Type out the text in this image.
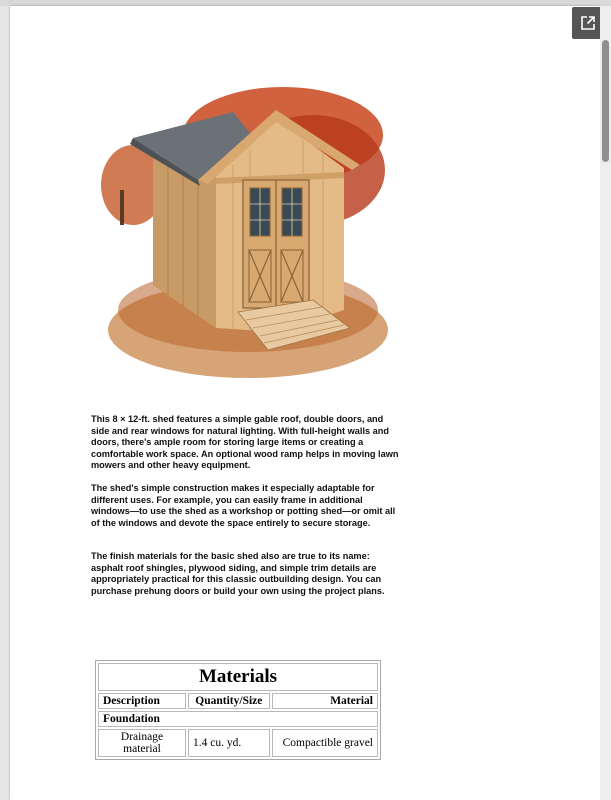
This 8 × 12-ft. shed features a simple gable roof, double doors, and side and rear windows for natural lighting. With full-height walls and doors, there's ample room for storing large items or creating a comfortable work space. An optional wood ramp helps in moving lawn mowers and other heavy equipment.

The shed's simple construction makes it especially adaptable for different uses. For example, you can easily frame in additional windows—to use the shed as a workshop or potting shed—or omit all of the windows and devote the space entirely to secure storage.

The finish materials for the basic shed also are true to its name: asphalt roof shingles, plywood siding, and simple trim details are appropriately practical for this classic outbuilding design. You can purchase prehung doors or build your own using the project plans.

Materials		
Description	Quantity/Size	Material
Foundation		
Drainage material	1.4 cu. yd.	Compactible gravel
